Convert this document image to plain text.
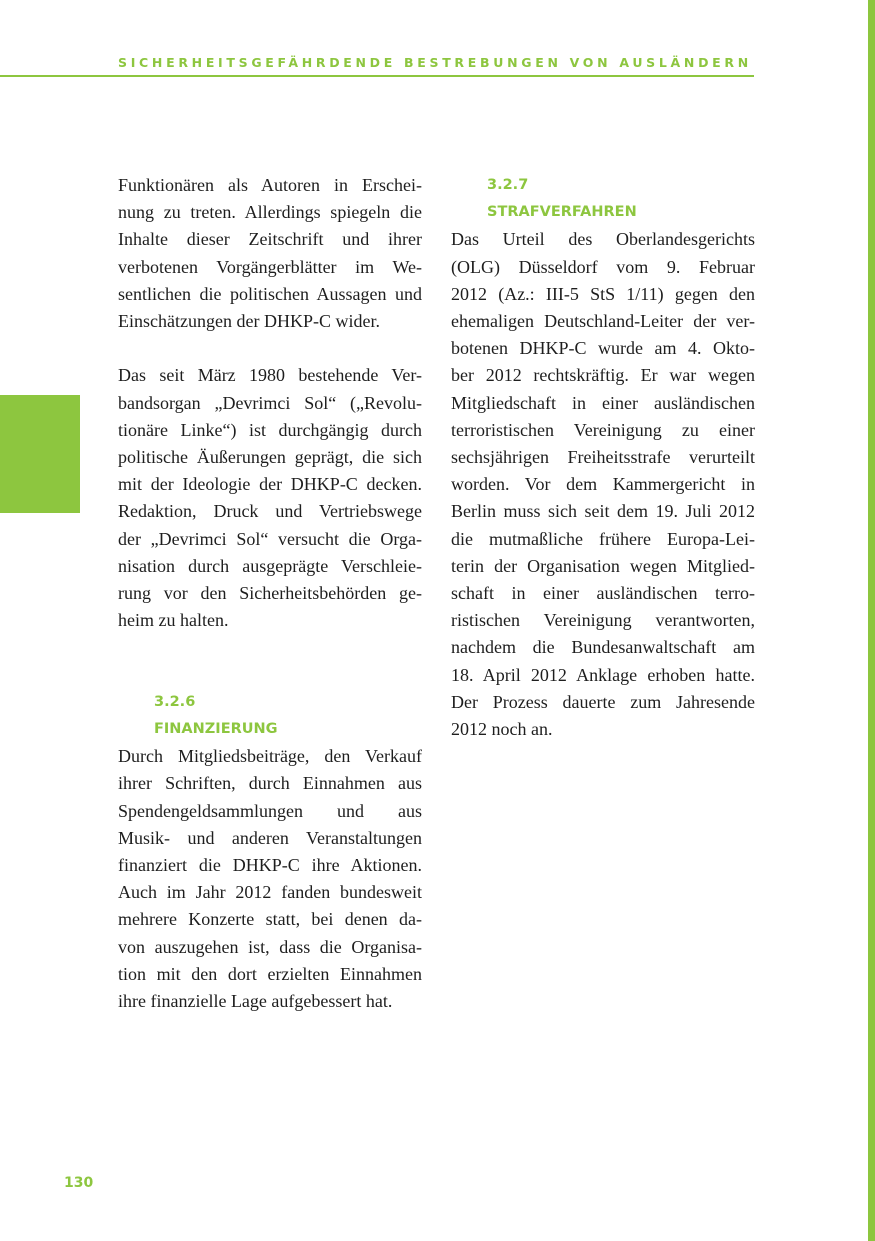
SICHERHEITSGEFÄHRDENDE BESTREBUNGEN VON AUSLÄNDERN
Funktionären als Autoren in Erschei-
nung zu treten. Allerdings spiegeln die
Inhalte dieser Zeitschrift und ihrer
verbotenen Vorgängerblätter im We-
sentlichen die politischen Aussagen und
Einschätzungen der DHKP-C wider.
Das seit März 1980 bestehende Ver-
bandsorgan „Devrimci Sol“ („Revolu-
tionäre Linke“) ist durchgängig durch
politische Äußerungen geprägt, die sich
mit der Ideologie der DHKP-C decken.
Redaktion, Druck und Vertriebswege
der „Devrimci Sol“ versucht die Orga-
nisation durch ausgeprägte Verschleie-
rung vor den Sicherheitsbehörden ge-
heim zu halten.
3.2.6
FINANZIERUNG
Durch Mitgliedsbeiträge, den Verkauf
ihrer Schriften, durch Einnahmen aus
Spendengeldsammlungen und aus
Musik- und anderen Veranstaltungen
finanziert die DHKP-C ihre Aktionen.
Auch im Jahr 2012 fanden bundesweit
mehrere Konzerte statt, bei denen da-
von auszugehen ist, dass die Organisa-
tion mit den dort erzielten Einnahmen
ihre finanzielle Lage aufgebessert hat.
3.2.7
STRAFVERFAHREN
Das Urteil des Oberlandesgerichts
(OLG) Düsseldorf vom 9. Februar
2012 (Az.: III-5 StS 1/11) gegen den
ehemaligen Deutschland-Leiter der ver-
botenen DHKP-C wurde am 4. Okto-
ber 2012 rechtskräftig. Er war wegen
Mitgliedschaft in einer ausländischen
terroristischen Vereinigung zu einer
sechsjährigen Freiheitsstrafe verurteilt
worden. Vor dem Kammergericht in
Berlin muss sich seit dem 19. Juli 2012
die mutmaßliche frühere Europa-Lei-
terin der Organisation wegen Mitglied-
schaft in einer ausländischen terro-
ristischen Vereinigung verantworten,
nachdem die Bundesanwaltschaft am
18. April 2012 Anklage erhoben hatte.
Der Prozess dauerte zum Jahresende
2012 noch an.
130
